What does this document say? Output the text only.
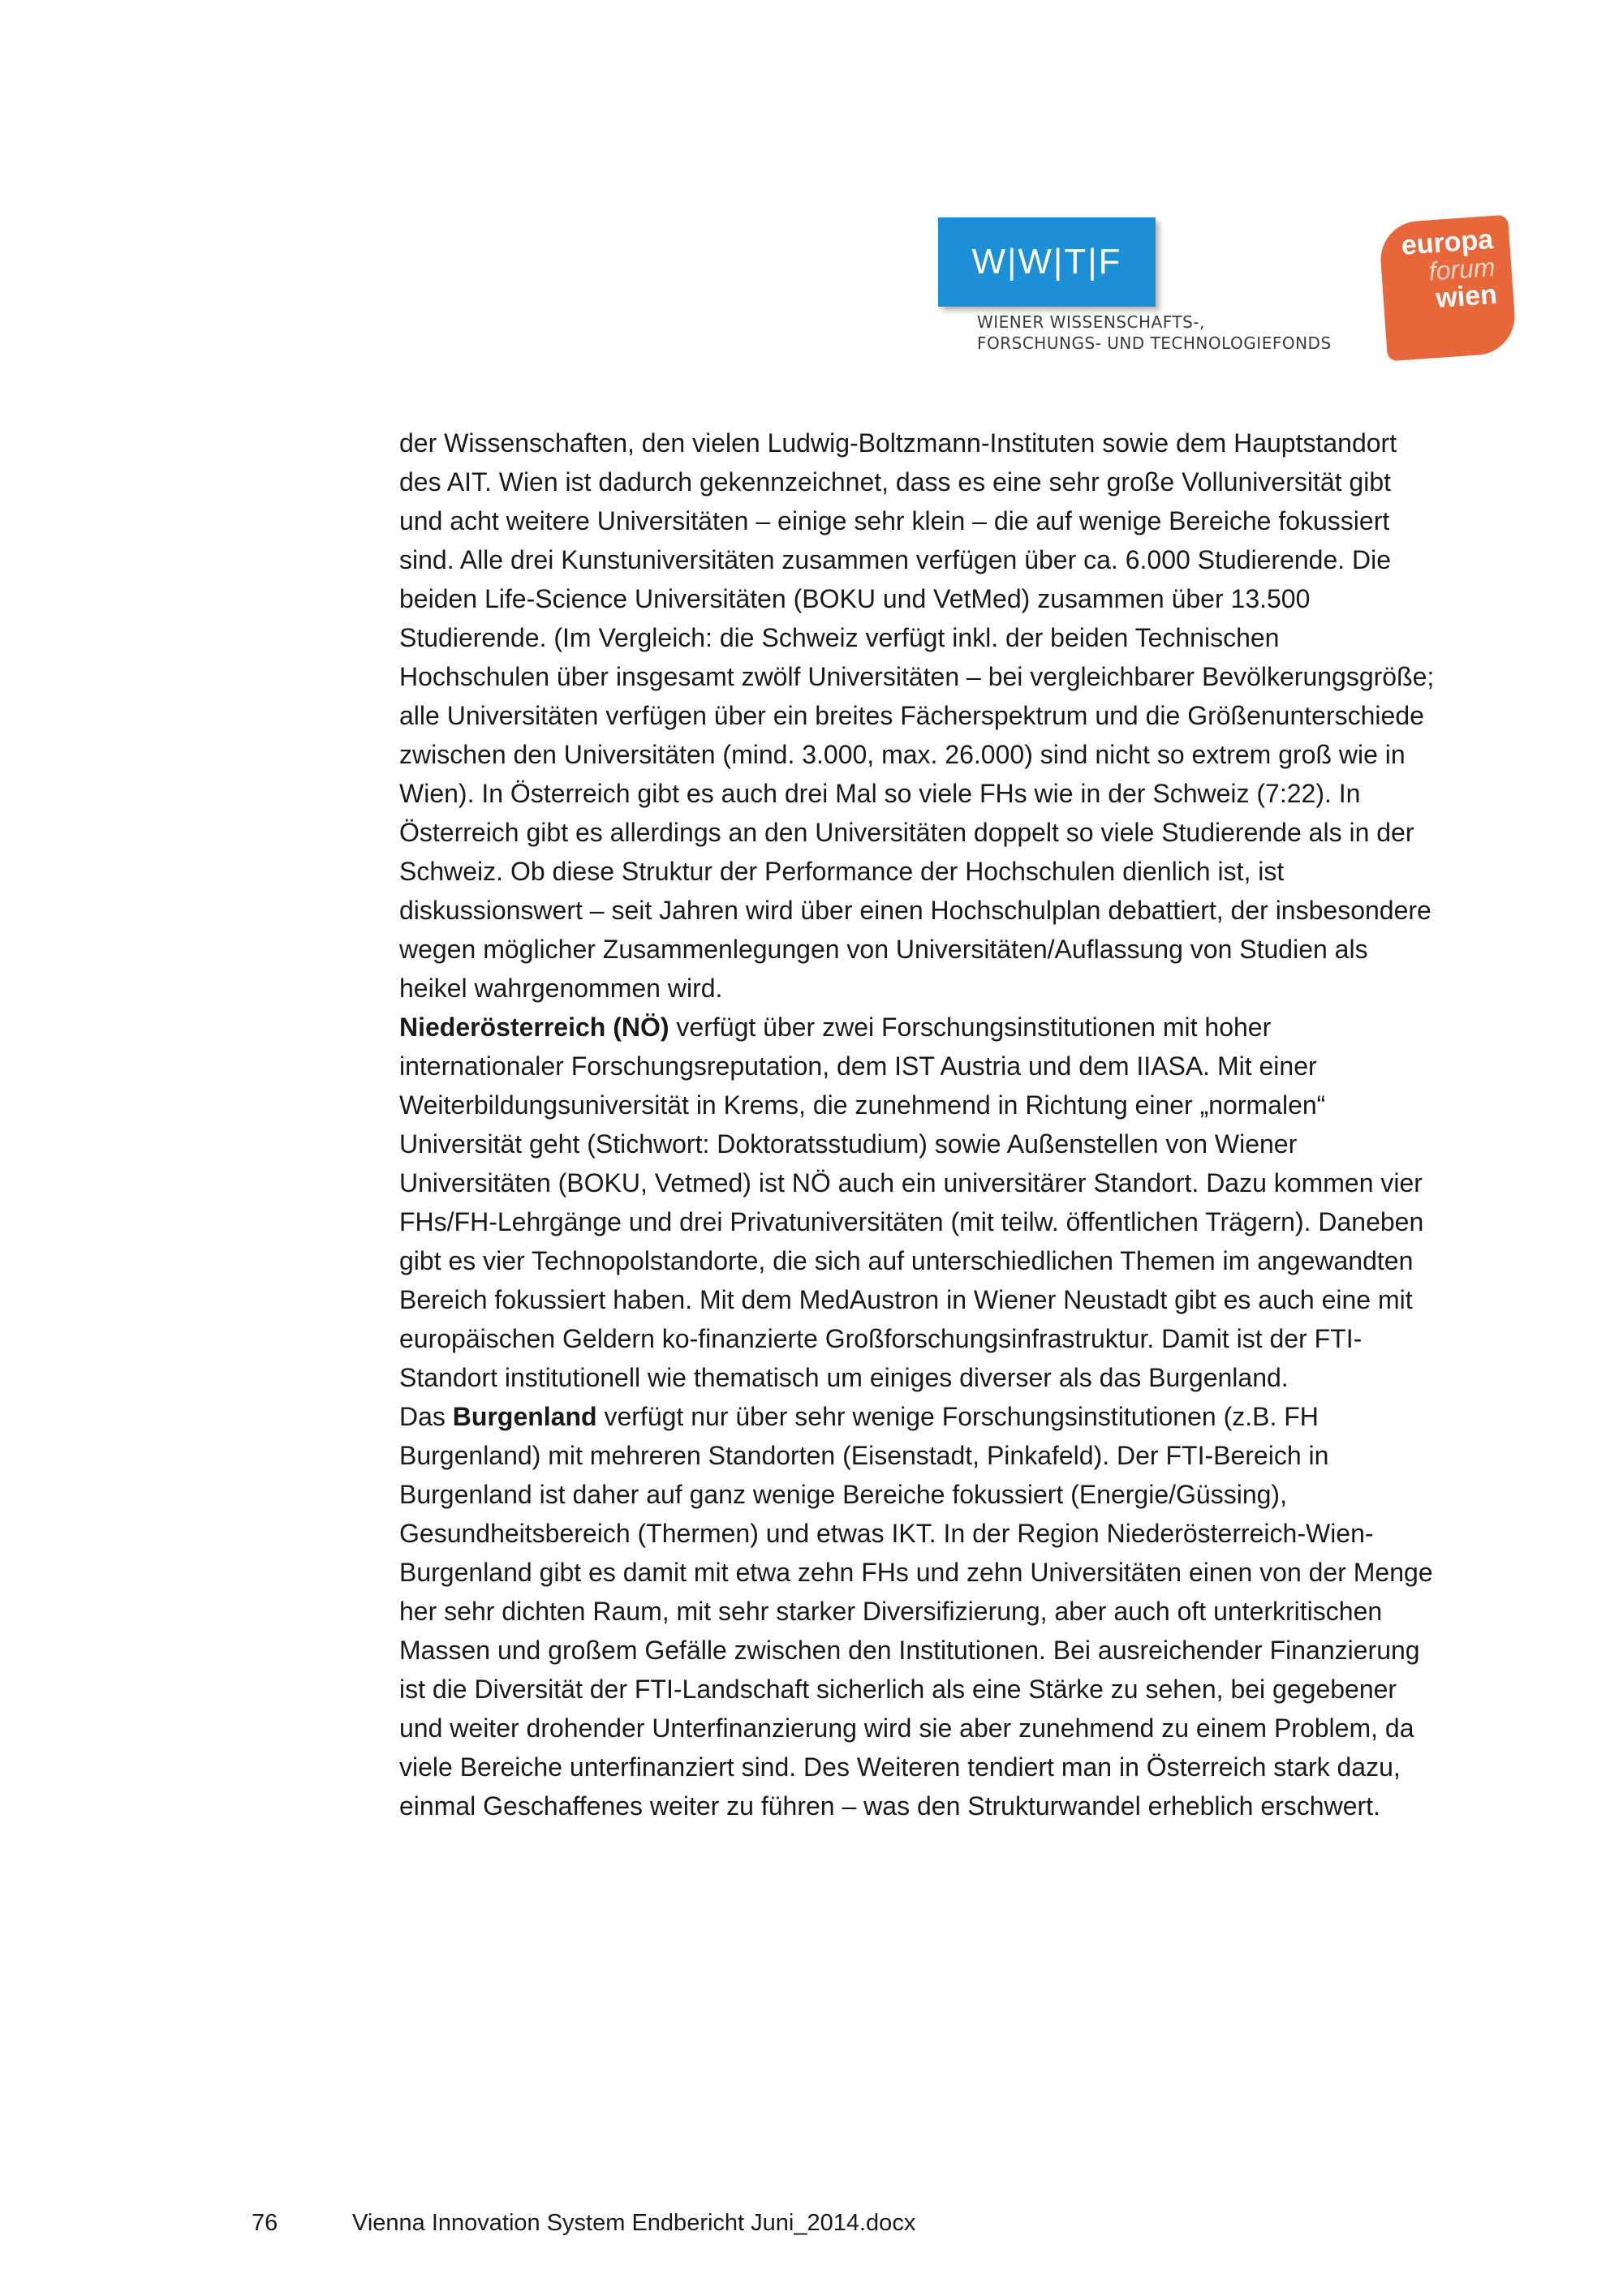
W|W|T|F
WIENER WISSENSCHAFTS-,
FORSCHUNGS- UND TECHNOLOGIEFONDS
europa
forum
wien
der Wissenschaften, den vielen Ludwig-Boltzmann-Instituten sowie dem Hauptstandort
des AIT. Wien ist dadurch gekennzeichnet, dass es eine sehr große Volluniversität gibt
und acht weitere Universitäten – einige sehr klein – die auf wenige Bereiche fokussiert
sind. Alle drei Kunstuniversitäten zusammen verfügen über ca. 6.000 Studierende. Die
beiden Life-Science Universitäten (BOKU und VetMed) zusammen über 13.500
Studierende. (Im Vergleich: die Schweiz verfügt inkl. der beiden Technischen
Hochschulen über insgesamt zwölf Universitäten – bei vergleichbarer Bevölkerungsgröße;
alle Universitäten verfügen über ein breites Fächerspektrum und die Größenunterschiede
zwischen den Universitäten (mind. 3.000, max. 26.000) sind nicht so extrem groß wie in
Wien). In Österreich gibt es auch drei Mal so viele FHs wie in der Schweiz (7:22). In
Österreich gibt es allerdings an den Universitäten doppelt so viele Studierende als in der
Schweiz. Ob diese Struktur der Performance der Hochschulen dienlich ist, ist
diskussionswert – seit Jahren wird über einen Hochschulplan debattiert, der insbesondere
wegen möglicher Zusammenlegungen von Universitäten/Auflassung von Studien als
heikel wahrgenommen wird.
Niederösterreich (NÖ) verfügt über zwei Forschungsinstitutionen mit hoher
internationaler Forschungsreputation, dem IST Austria und dem IIASA. Mit einer
Weiterbildungsuniversität in Krems, die zunehmend in Richtung einer „normalen“
Universität geht (Stichwort: Doktoratsstudium) sowie Außenstellen von Wiener
Universitäten (BOKU, Vetmed) ist NÖ auch ein universitärer Standort. Dazu kommen vier
FHs/FH-Lehrgänge und drei Privatuniversitäten (mit teilw. öffentlichen Trägern). Daneben
gibt es vier Technopolstandorte, die sich auf unterschiedlichen Themen im angewandten
Bereich fokussiert haben. Mit dem MedAustron in Wiener Neustadt gibt es auch eine mit
europäischen Geldern ko-finanzierte Großforschungsinfrastruktur. Damit ist der FTI-
Standort institutionell wie thematisch um einiges diverser als das Burgenland.
Das Burgenland verfügt nur über sehr wenige Forschungsinstitutionen (z.B. FH
Burgenland) mit mehreren Standorten (Eisenstadt, Pinkafeld). Der FTI-Bereich in
Burgenland ist daher auf ganz wenige Bereiche fokussiert (Energie/Güssing),
Gesundheitsbereich (Thermen) und etwas IKT. In der Region Niederösterreich-Wien-
Burgenland gibt es damit mit etwa zehn FHs und zehn Universitäten einen von der Menge
her sehr dichten Raum, mit sehr starker Diversifizierung, aber auch oft unterkritischen
Massen und großem Gefälle zwischen den Institutionen. Bei ausreichender Finanzierung
ist die Diversität der FTI-Landschaft sicherlich als eine Stärke zu sehen, bei gegebener
und weiter drohender Unterfinanzierung wird sie aber zunehmend zu einem Problem, da
viele Bereiche unterfinanziert sind. Des Weiteren tendiert man in Österreich stark dazu,
einmal Geschaffenes weiter zu führen – was den Strukturwandel erheblich erschwert.
76	Vienna Innovation System Endbericht Juni_2014.docx
